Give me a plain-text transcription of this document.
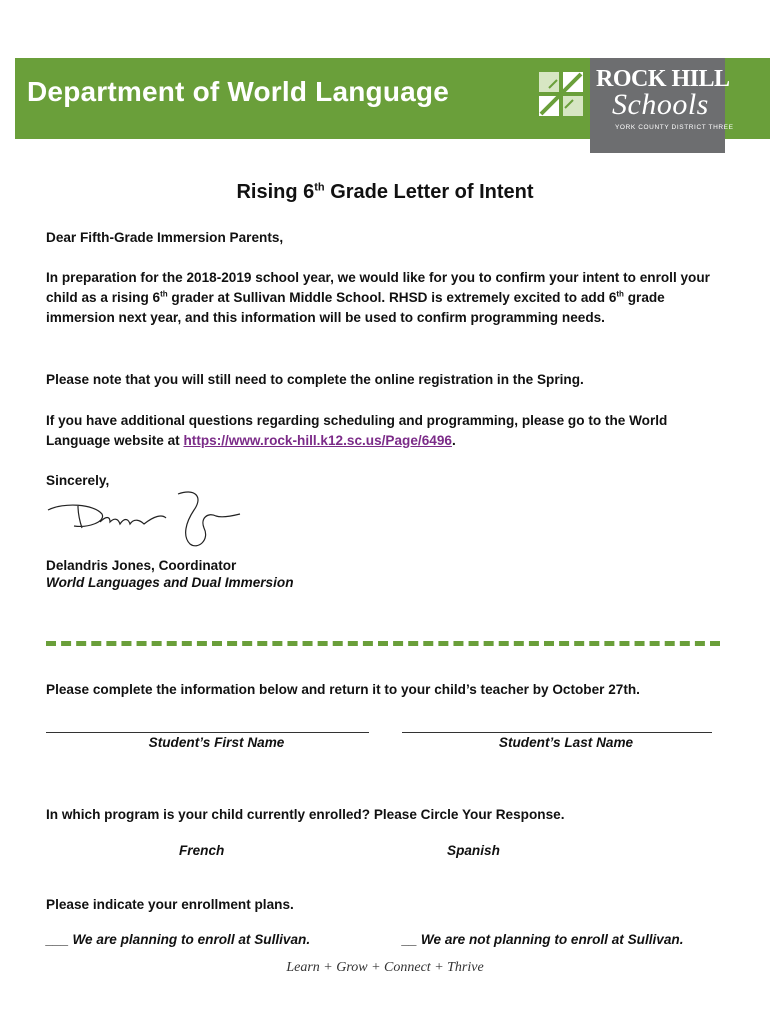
Department of World Language	ROCK HILL
Schools
YORK COUNTY DISTRICT THREE
Rising 6th Grade Letter of Intent
Dear Fifth-Grade Immersion Parents,
In preparation for the 2018-2019 school year, we would like for you to confirm your intent to enroll your child as a rising 6th grader at Sullivan Middle School. RHSD is extremely excited to add 6th grade immersion next year, and this information will be used to confirm programming needs.
Please note that you will still need to complete the online registration in the Spring.
If you have additional questions regarding scheduling and programming, please go to the World Language website at https://www.rock-hill.k12.sc.us/Page/6496.
Sincerely,
Delandris Jones, Coordinator
World Languages and Dual Immersion
Please complete the information below and return it to your child’s teacher by October 27th.
Student’s First Name	Student’s Last Name
In which program is your child currently enrolled? Please Circle Your Response.
French	Spanish
Please indicate your enrollment plans.
___ We are planning to enroll at Sullivan.	__ We are not planning to enroll at Sullivan.
Learn + Grow + Connect + Thrive
